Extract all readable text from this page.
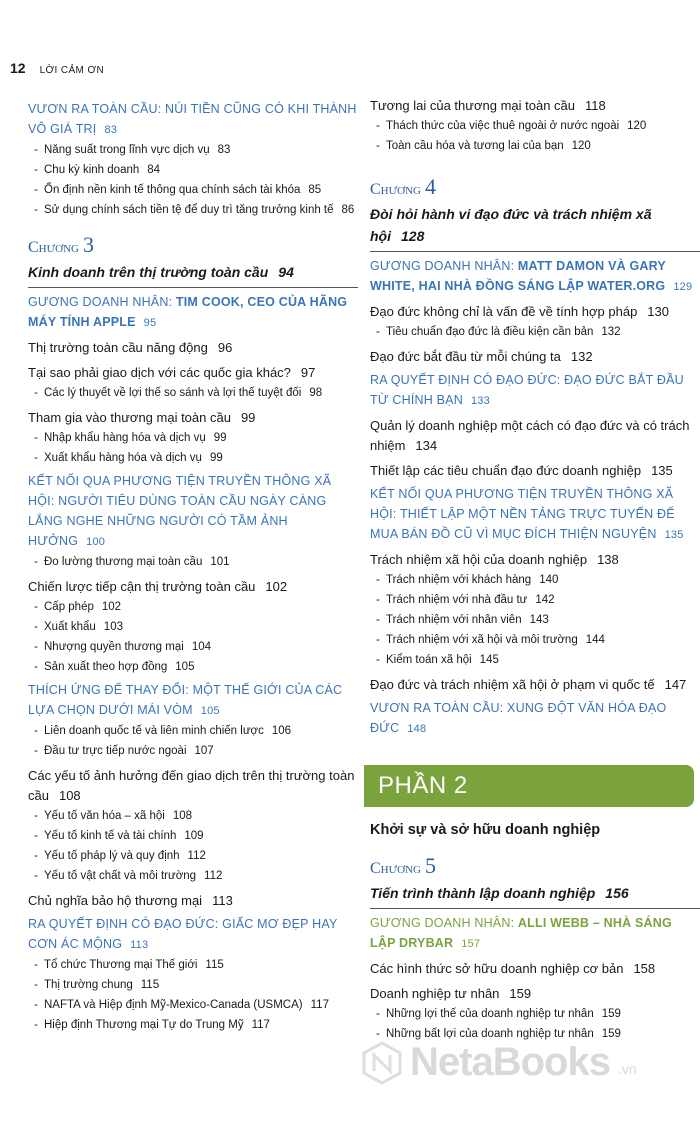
12 LỜI CẢM ƠN
VƯƠN RA TOÀN CẦU: NÚI TIỀN CŨNG CÓ KHI THÀNH VÔ GIÁ TRỊ 83
- Năng suất trong lĩnh vực dịch vụ 83
- Chu kỳ kinh doanh 84
- Ổn định nền kinh tế thông qua chính sách tài khóa 85
- Sử dụng chính sách tiền tệ để duy trì tăng trưởng kinh tế 86
Chương 3
Kinh doanh trên thị trường toàn cầu 94
GƯƠNG DOANH NHÂN: TIM COOK, CEO CỦA HÃNG MÁY TÍNH APPLE 95
Thị trường toàn cầu năng động 96
Tại sao phải giao dịch với các quốc gia khác? 97
- Các lý thuyết về lợi thế so sánh và lợi thế tuyệt đối 98
Tham gia vào thương mại toàn cầu 99
- Nhập khẩu hàng hóa và dịch vụ 99
- Xuất khẩu hàng hóa và dịch vụ 99
KẾT NỐI QUA PHƯƠNG TIỆN TRUYỀN THÔNG XÃ HỘI: NGƯỜI TIÊU DÙNG TOÀN CẦU NGÀY CÀNG LẮNG NGHE NHỮNG NGƯỜI CÓ TẦM ẢNH HƯỞNG 100
- Đo lường thương mại toàn cầu 101
Chiến lược tiếp cận thị trường toàn cầu 102
- Cấp phép 102
- Xuất khẩu 103
- Nhượng quyền thương mại 104
- Sản xuất theo hợp đồng 105
THÍCH ỨNG ĐỂ THAY ĐỔI: MỘT THẾ GIỚI CỦA CÁC LỰA CHỌN DƯỚI MÁI VÒM 105
- Liên doanh quốc tế và liên minh chiến lược 106
- Đầu tư trực tiếp nước ngoài 107
Các yếu tố ảnh hưởng đến giao dịch trên thị trường toàn cầu 108
- Yếu tố văn hóa – xã hội 108
- Yếu tố kinh tế và tài chính 109
- Yếu tố pháp lý và quy định 112
- Yếu tố vật chất và môi trường 112
Chủ nghĩa bảo hộ thương mại 113
RA QUYẾT ĐỊNH CÓ ĐẠO ĐỨC: GIẤC MƠ ĐẸP HAY CƠN ÁC MỘNG 113
- Tổ chức Thương mại Thế giới 115
- Thị trường chung 115
- NAFTA và Hiệp định Mỹ-Mexico-Canada (USMCA) 117
- Hiệp định Thương mại Tự do Trung Mỹ 117
Tương lai của thương mại toàn cầu 118
- Thách thức của việc thuê ngoài ở nước ngoài 120
- Toàn cầu hóa và tương lai của bạn 120
Chương 4
Đòi hỏi hành vi đạo đức và trách nhiệm xã hội 128
GƯƠNG DOANH NHÂN: MATT DAMON VÀ GARY WHITE, HAI NHÀ ĐỒNG SÁNG LẬP WATER.ORG 129
Đạo đức không chỉ là vấn đề về tính hợp pháp 130
- Tiêu chuẩn đạo đức là điều kiện cần bản 132
Đạo đức bắt đầu từ mỗi chúng ta 132
RA QUYẾT ĐỊNH CÓ ĐẠO ĐỨC: ĐẠO ĐỨC BẮT ĐẦU TỪ CHÍNH BẠN 133
Quản lý doanh nghiệp một cách có đạo đức và có trách nhiệm 134
Thiết lập các tiêu chuẩn đạo đức doanh nghiệp 135
KẾT NỐI QUA PHƯƠNG TIỆN TRUYỀN THÔNG XÃ HỘI: THIẾT LẬP MỘT NỀN TẢNG TRỰC TUYẾN ĐỂ MUA BÁN ĐỒ CŨ VÌ MỤC ĐÍCH THIỆN NGUYỆN 135
Trách nhiệm xã hội của doanh nghiệp 138
- Trách nhiệm với khách hàng 140
- Trách nhiệm với nhà đầu tư 142
- Trách nhiệm với nhân viên 143
- Trách nhiệm với xã hội và môi trường 144
- Kiểm toán xã hội 145
Đạo đức và trách nhiệm xã hội ở phạm vi quốc tế 147
VƯƠN RA TOÀN CẦU: XUNG ĐỘT VĂN HÓA ĐẠO ĐỨC 148
PHẦN 2
Khởi sự và sở hữu doanh nghiệp
Chương 5
Tiến trình thành lập doanh nghiệp 156
GƯƠNG DOANH NHÂN: ALLI WEBB – NHÀ SÁNG LẬP DRYBAR 157
Các hình thức sở hữu doanh nghiệp cơ bản 158
Doanh nghiệp tư nhân 159
- Những lợi thế của doanh nghiệp tư nhân 159
- Những bất lợi của doanh nghiệp tư nhân 159
NetaBooks .vn
